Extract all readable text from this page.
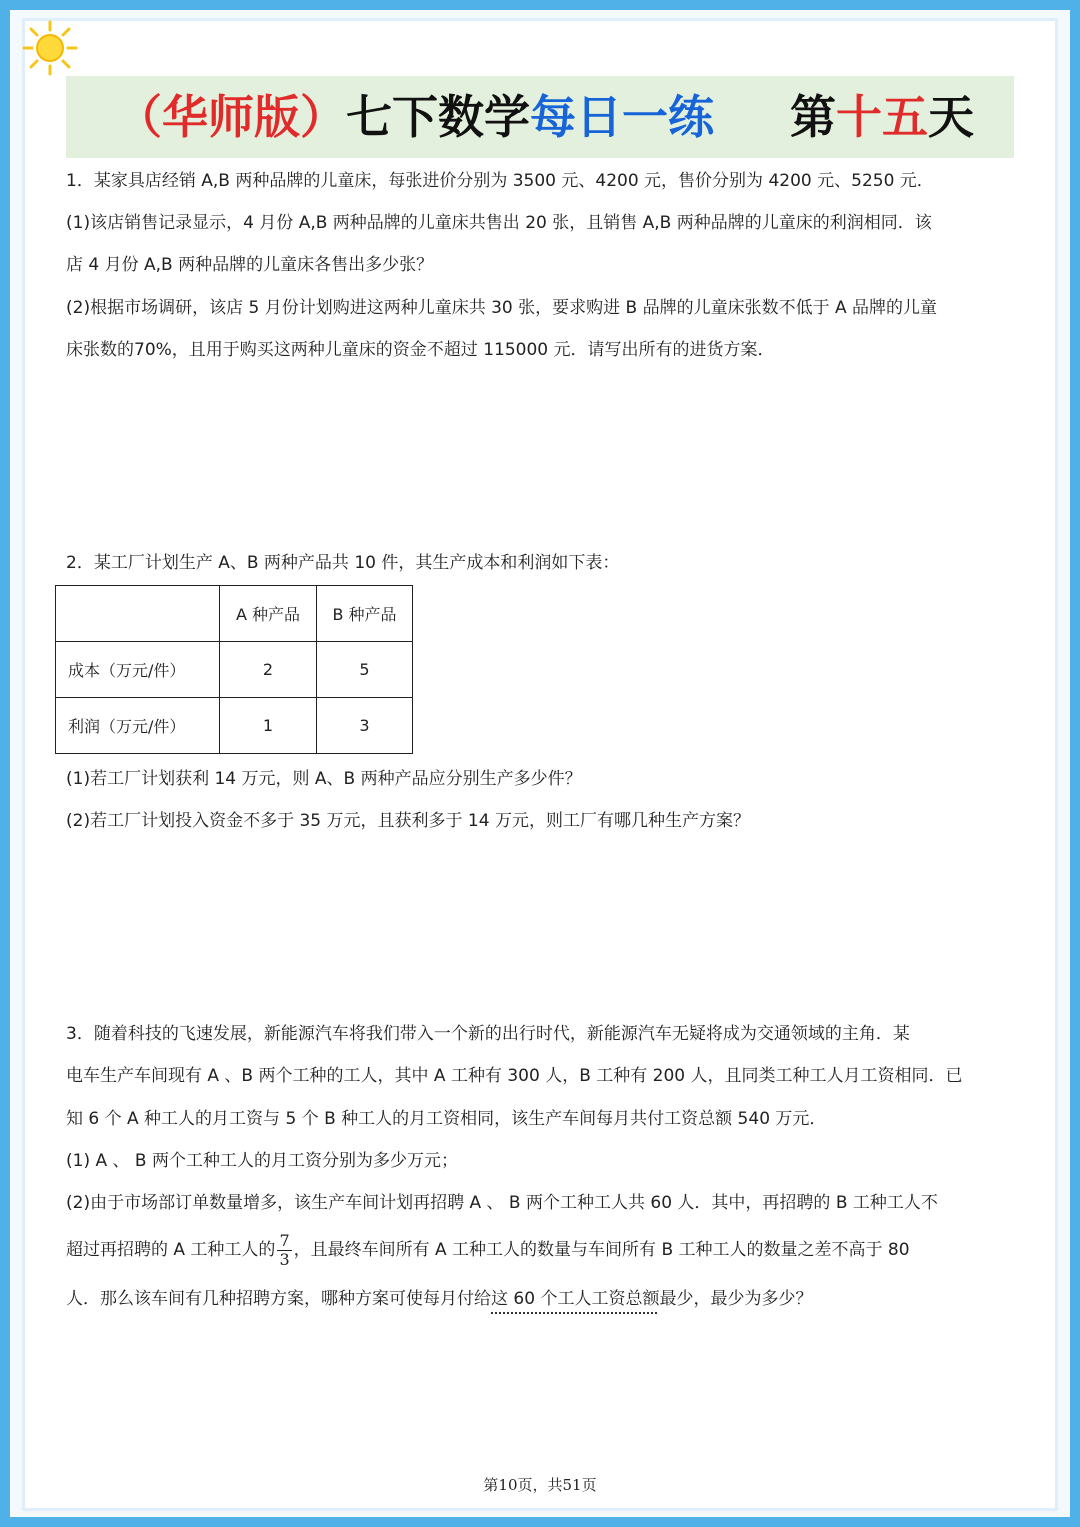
（华师版）七下数学每日一练 第十五天
1．某家具店经销 A,B 两种品牌的儿童床，每张进价分别为 3500 元、4200 元，售价分别为 4200 元、5250 元．
(1)该店销售记录显示，4 月份 A,B 两种品牌的儿童床共售出 20 张，且销售 A,B 两种品牌的儿童床的利润相同．该
店 4 月份 A,B 两种品牌的儿童床各售出多少张？
(2)根据市场调研，该店 5 月份计划购进这两种儿童床共 30 张，要求购进 B 品牌的儿童床张数不低于 A 品牌的儿童
床张数的70%，且用于购买这两种儿童床的资金不超过 115000 元．请写出所有的进货方案．
2．某工厂计划生产 A、B 两种产品共 10 件，其生产成本和利润如下表：
	A 种产品	B 种产品
成本（万元/件）	2	5
利润（万元/件）	1	3
(1)若工厂计划获利 14 万元，则 A、B 两种产品应分别生产多少件？
(2)若工厂计划投入资金不多于 35 万元，且获利多于 14 万元，则工厂有哪几种生产方案？
3．随着科技的飞速发展，新能源汽车将我们带入一个新的出行时代，新能源汽车无疑将成为交通领域的主角．某
电车生产车间现有 A 、B 两个工种的工人，其中 A 工种有 300 人，B 工种有 200 人，且同类工种工人月工资相同．已
知 6 个 A 种工人的月工资与 5 个 B 种工人的月工资相同，该生产车间每月共付工资总额 540 万元．
(1) A 、 B 两个工种工人的月工资分别为多少万元；
(2)由于市场部订单数量增多，该生产车间计划再招聘 A 、 B 两个工种工人共 60 人．其中，再招聘的 B 工种工人不
超过再招聘的 A 工种工人的 $\frac{7}{3}$ ，且最终车间所有 A 工种工人的数量与车间所有 B 工种工人的数量之差不高于 80
人．那么该车间有几种招聘方案，哪种方案可使每月付给这 60 个工人工资总额最少，最少为多少？
第10页，共51页
